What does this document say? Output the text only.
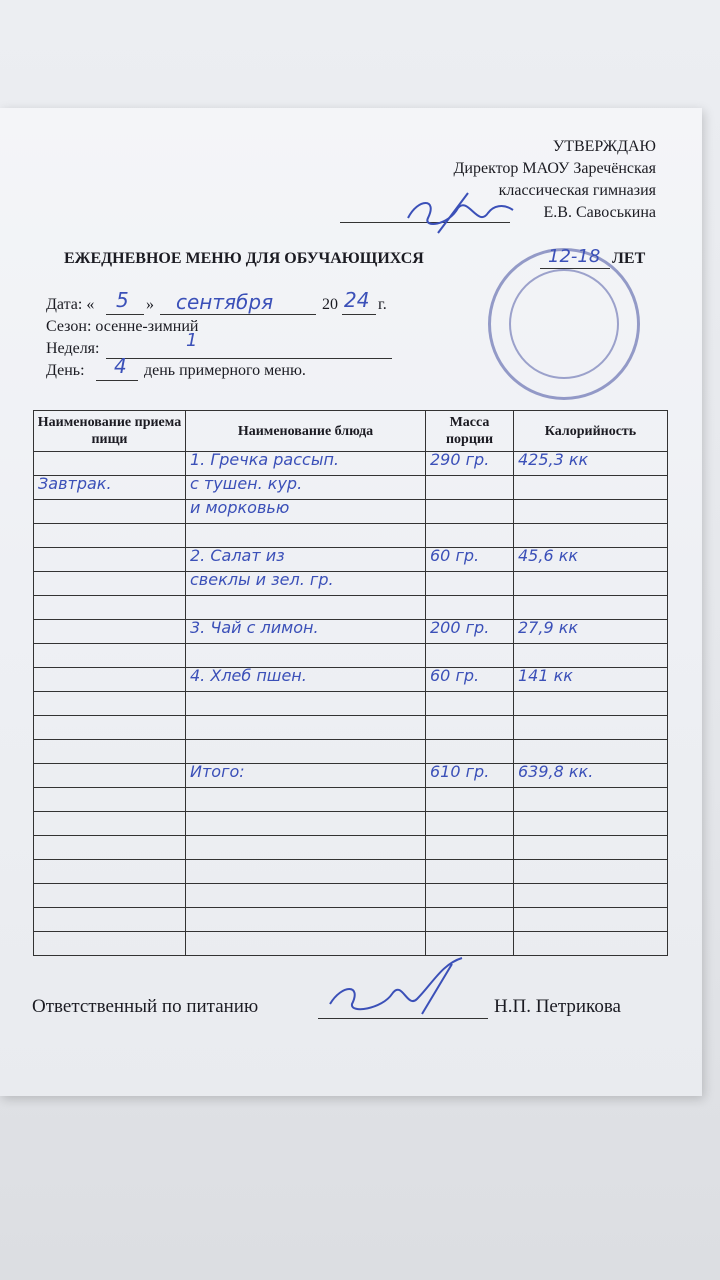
УТВЕРЖДАЮ
Директор МАОУ Заречёнская
классическая гимназия
Е.В. Савоськина
ЕЖЕДНЕВНОЕ МЕНЮ ДЛЯ ОБУЧАЮЩИХСЯ	12-18 ЛЕТ
Дата: « 5 » сентября	20 24 г.
Сезон: осенне-зимний
Неделя:	1
День: 4 день примерного меню.
Наименование приема пищи	Наименование блюда	Масса порции	Калорийность

	1. Гречка рассып.	290 гр.	425,3 кк

Завтрак.	с тушен. кур.		

	и морковью		

	2. Салат из	60 гр.	45,6 кк

	свеклы и зел. гр.		

	3. Чай с лимон.	200 гр.	27,9 кк

	4. Хлеб пшен.	60 гр.	141 кк

	Итого:	610 гр.	639,8 кк.

Ответственный по питанию	Н.П. Петрикова
